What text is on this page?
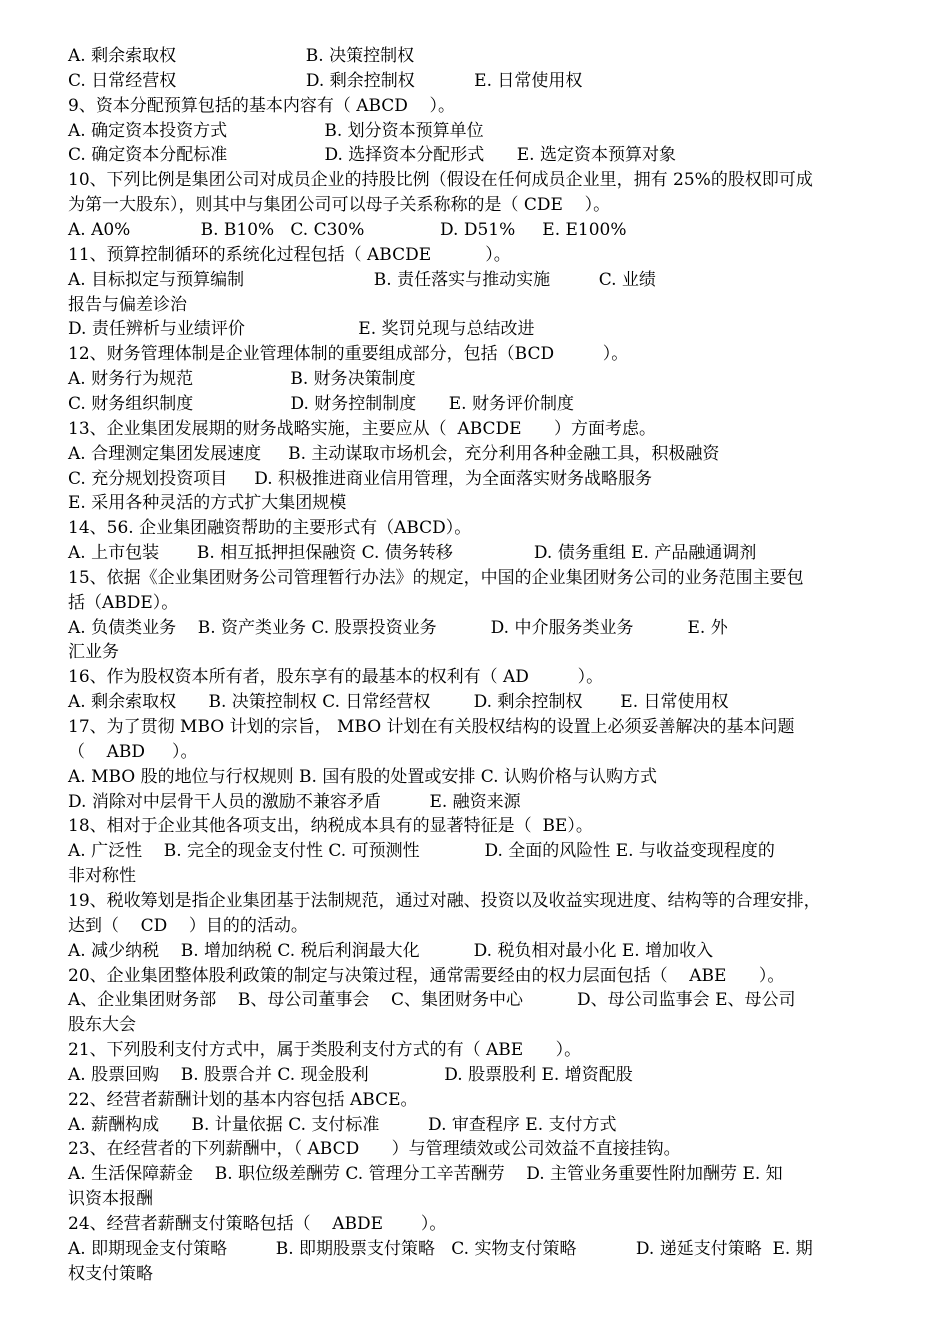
A. 剩余索取权                        B. 决策控制权
C. 日常经营权                        D. 剩余控制权           E. 日常使用权
9、资本分配预算包括的基本内容有（ ABCD    ）。
A. 确定资本投资方式                  B. 划分资本预算单位
C. 确定资本分配标准                  D. 选择资本分配形式      E. 选定资本预算对象
10、下列比例是集团公司对成员企业的持股比例（假设在任何成员企业里，拥有 25%的股权即可成
为第一大股东），则其中与集团公司可以母子关系称称的是（ CDE    ）。
A. A0%             B. B10%   C. C30%              D. D51%     E. E100%
11、预算控制循环的系统化过程包括（ ABCDE          ）。
A. 目标拟定与预算编制                        B. 责任落实与推动实施         C. 业绩
报告与偏差诊治
D. 责任辨析与业绩评价                     E. 奖罚兑现与总结改进
12、财务管理体制是企业管理体制的重要组成部分，包括（BCD         ）。
A. 财务行为规范                  B. 财务决策制度
C. 财务组织制度                  D. 财务控制制度      E. 财务评价制度
13、企业集团发展期的财务战略实施，主要应从（  ABCDE      ）方面考虑。
A. 合理测定集团发展速度     B. 主动谋取市场机会，充分利用各种金融工具，积极融资
C. 充分规划投资项目     D. 积极推进商业信用管理，为全面落实财务战略服务
E. 采用各种灵活的方式扩大集团规模
14、56. 企业集团融资帮助的主要形式有（ABCD）。
A. 上市包装       B. 相互抵押担保融资 C. 债务转移               D. 债务重组 E. 产品融通调剂
15、依据《企业集团财务公司管理暂行办法》的规定，中国的企业集团财务公司的业务范围主要包
括（ABDE）。
A. 负债类业务    B. 资产类业务 C. 股票投资业务          D. 中介服务类业务          E. 外
汇业务
16、作为股权资本所有者，股东享有的最基本的权利有（ AD         ）。
A. 剩余索取权      B. 决策控制权 C. 日常经营权        D. 剩余控制权       E. 日常使用权
17、为了贯彻 MBO 计划的宗旨， MBO 计划在有关股权结构的设置上必须妥善解决的基本问题
（    ABD     ）。
A. MBO 股的地位与行权规则 B. 国有股的处置或安排 C. 认购价格与认购方式
D. 消除对中层骨干人员的激励不兼容矛盾         E. 融资来源
18、相对于企业其他各项支出，纳税成本具有的显著特征是（  BE）。
A. 广泛性    B. 完全的现金支付性 C. 可预测性            D. 全面的风险性 E. 与收益变现程度的
非对称性
19、税收筹划是指企业集团基于法制规范，通过对融、投资以及收益实现进度、结构等的合理安排，
达到（    CD    ）目的的活动。
A. 减少纳税    B. 增加纳税 C. 税后利润最大化          D. 税负相对最小化 E. 增加收入
20、企业集团整体股利政策的制定与决策过程，通常需要经由的权力层面包括（    ABE      ）。
A、企业集团财务部    B、母公司董事会    C、集团财务中心          D、母公司监事会 E、母公司
股东大会
21、下列股利支付方式中，属于类股利支付方式的有（ ABE      ）。
A. 股票回购    B. 股票合并 C. 现金股利              D. 股票股利 E. 增资配股
22、经营者薪酬计划的基本内容包括 ABCE。
A. 薪酬构成      B. 计量依据 C. 支付标准         D. 审查程序 E. 支付方式
23、在经营者的下列薪酬中，（ ABCD      ）与管理绩效或公司效益不直接挂钩。
A. 生活保障薪金    B. 职位级差酬劳 C. 管理分工辛苦酬劳    D. 主管业务重要性附加酬劳 E. 知
识资本报酬
24、经营者薪酬支付策略包括（    ABDE       ）。
A. 即期现金支付策略         B. 即期股票支付策略   C. 实物支付策略           D. 递延支付策略  E. 期
权支付策略
